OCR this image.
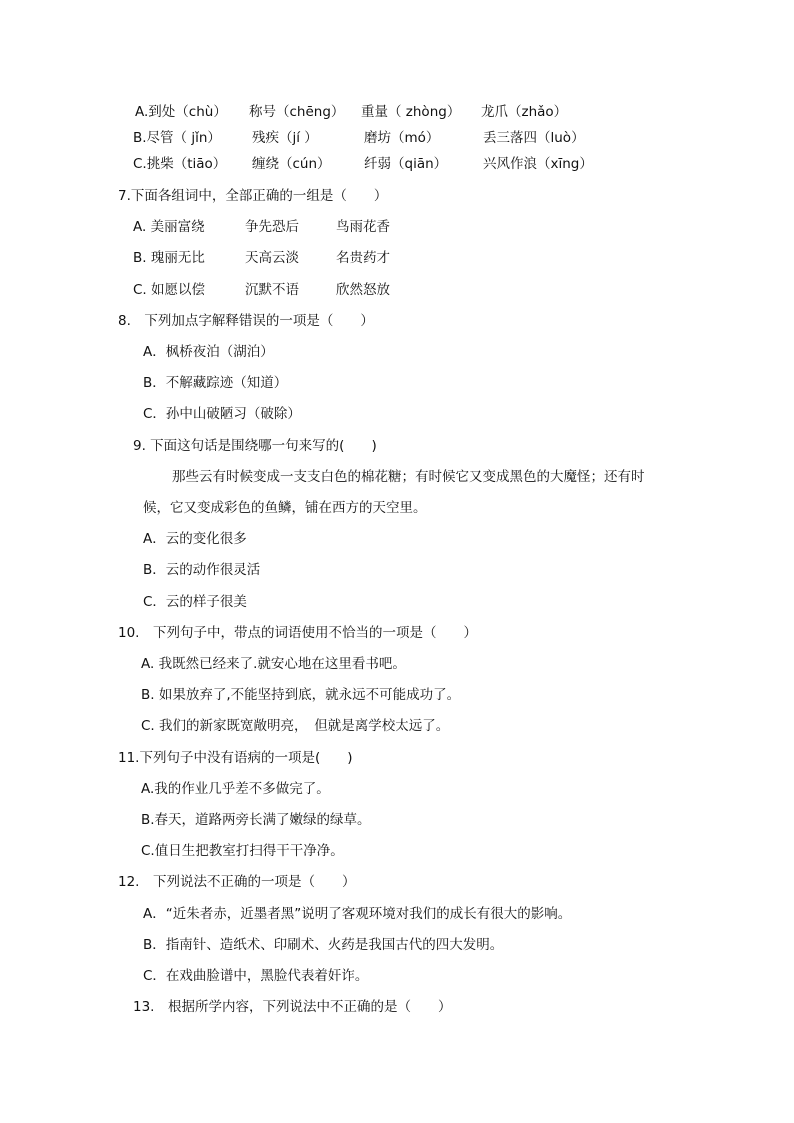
A.到处（chù） 称号（chēng） 重量（ zhòng） 龙爪（zhǎo）
B.尽管（ jǐn） 残疾（jí ）	磨坊（mó）	丢三落四（luò）
C.挑柴（tiāo） 缠绕（cún） 纤弱（qiān）	兴风作浪（xīng）
7.下面各组词中，全部正确的一组是（　　）
A. 美丽富绕	争先恐后	鸟雨花香
B. 瑰丽无比	天高云淡	名贵药才
C. 如愿以偿	沉默不语	欣然怒放
8.　下列加点字解释错误的一项是（　　）
A．枫桥夜泊（湖泊）
B．不解藏踪迹（知道）
C．孙中山破陋习（破除）
9. 下面这句话是围绕哪一句来写的(　　)
那些云有时候变成一支支白色的棉花糖；有时候它又变成黑色的大魔怪；还有时
候，它又变成彩色的鱼鳞，铺在西方的天空里。
A．云的变化很多
B．云的动作很灵活
C．云的样子很美
10.　下列句子中，带点的词语使用不恰当的一项是（　　）
A. 我既然已经来了.就安心地在这里看书吧。
B. 如果放弃了,不能坚持到底，就永远不可能成功了。
C. 我们的新家既宽敞明亮，　但就是离学校太远了。
11.下列句子中没有语病的一项是(　　)
A.我的作业几乎差不多做完了。
B.春天，道路两旁长满了嫩绿的绿草。
C.值日生把教室打扫得干干净净。
12.　下列说法不正确的一项是（　　）
A．“近朱者赤，近墨者黑”说明了客观环境对我们的成长有很大的影响。
B．指南针、造纸术、印刷术、火药是我国古代的四大发明。
C．在戏曲脸谱中，黑脸代表着奸诈。
13.　根据所学内容，下列说法中不正确的是（　　）
